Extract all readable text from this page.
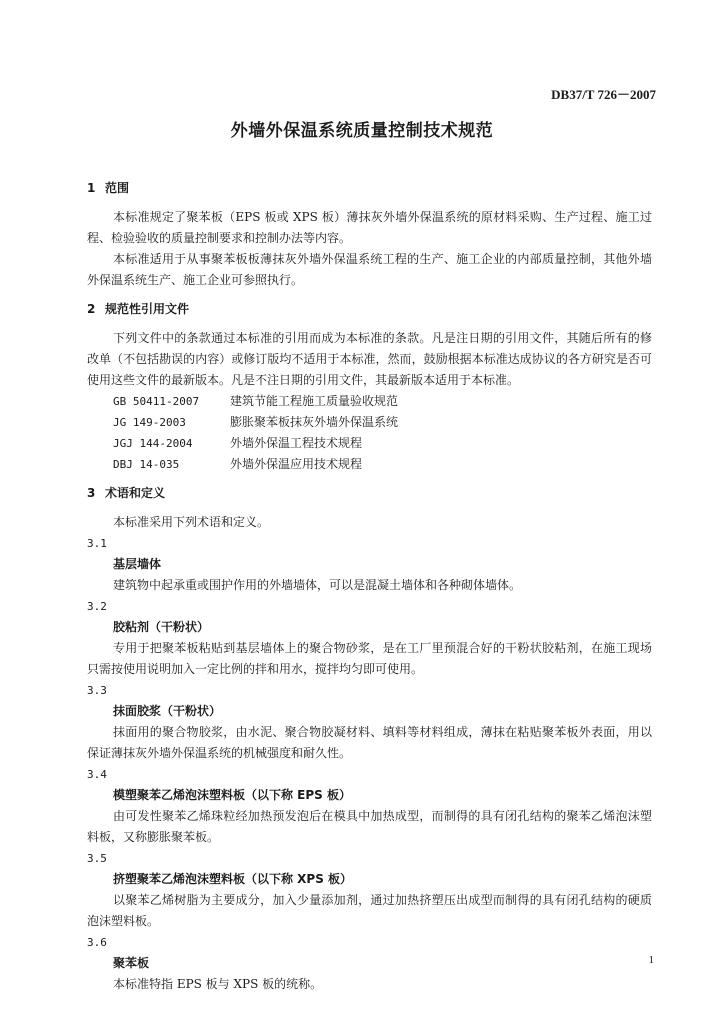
DB37/T 726－2007
外墙外保温系统质量控制技术规范
1 范围

本标准规定了聚苯板（EPS 板或 XPS 板）薄抹灰外墙外保温系统的原材料采购、生产过程、施工过程、检验验收的质量控制要求和控制办法等内容。

本标准适用于从事聚苯板板薄抹灰外墙外保温系统工程的生产、施工企业的内部质量控制，其他外墙外保温系统生产、施工企业可参照执行。

2 规范性引用文件

下列文件中的条款通过本标准的引用而成为本标准的条款。凡是注日期的引用文件，其随后所有的修改单（不包括勘误的内容）或修订版均不适用于本标准，然而，鼓励根据本标准达成协议的各方研究是否可使用这些文件的最新版本。凡是不注日期的引用文件，其最新版本适用于本标准。

GB 50411-2007	建筑节能工程施工质量验收规范
JG 149-2003	膨胀聚苯板抹灰外墙外保温系统
JGJ 144-2004	外墙外保温工程技术规程
DBJ 14-035	外墙外保温应用技术规程
3 术语和定义

本标准采用下列术语和定义。

3.1
基层墙体

建筑物中起承重或围护作用的外墙墙体，可以是混凝土墙体和各种砌体墙体。

3.2
胶粘剂（干粉状）

专用于把聚苯板粘贴到基层墙体上的聚合物砂浆，是在工厂里预混合好的干粉状胶粘剂，在施工现场只需按使用说明加入一定比例的拌和用水，搅拌均匀即可使用。

3.3
抹面胶浆（干粉状）

抹面用的聚合物胶浆，由水泥、聚合物胶凝材料、填料等材料组成，薄抹在粘贴聚苯板外表面，用以保证薄抹灰外墙外保温系统的机械强度和耐久性。

3.4
模塑聚苯乙烯泡沫塑料板（以下称 EPS 板）

由可发性聚苯乙烯珠粒经加热预发泡后在模具中加热成型，而制得的具有闭孔结构的聚苯乙烯泡沫塑料板，又称膨胀聚苯板。

3.5
挤塑聚苯乙烯泡沫塑料板（以下称 XPS 板）

以聚苯乙烯树脂为主要成分，加入少量添加剂，通过加热挤塑压出成型而制得的具有闭孔结构的硬质泡沫塑料板。

3.6
聚苯板

本标准特指 EPS 板与 XPS 板的统称。

1
